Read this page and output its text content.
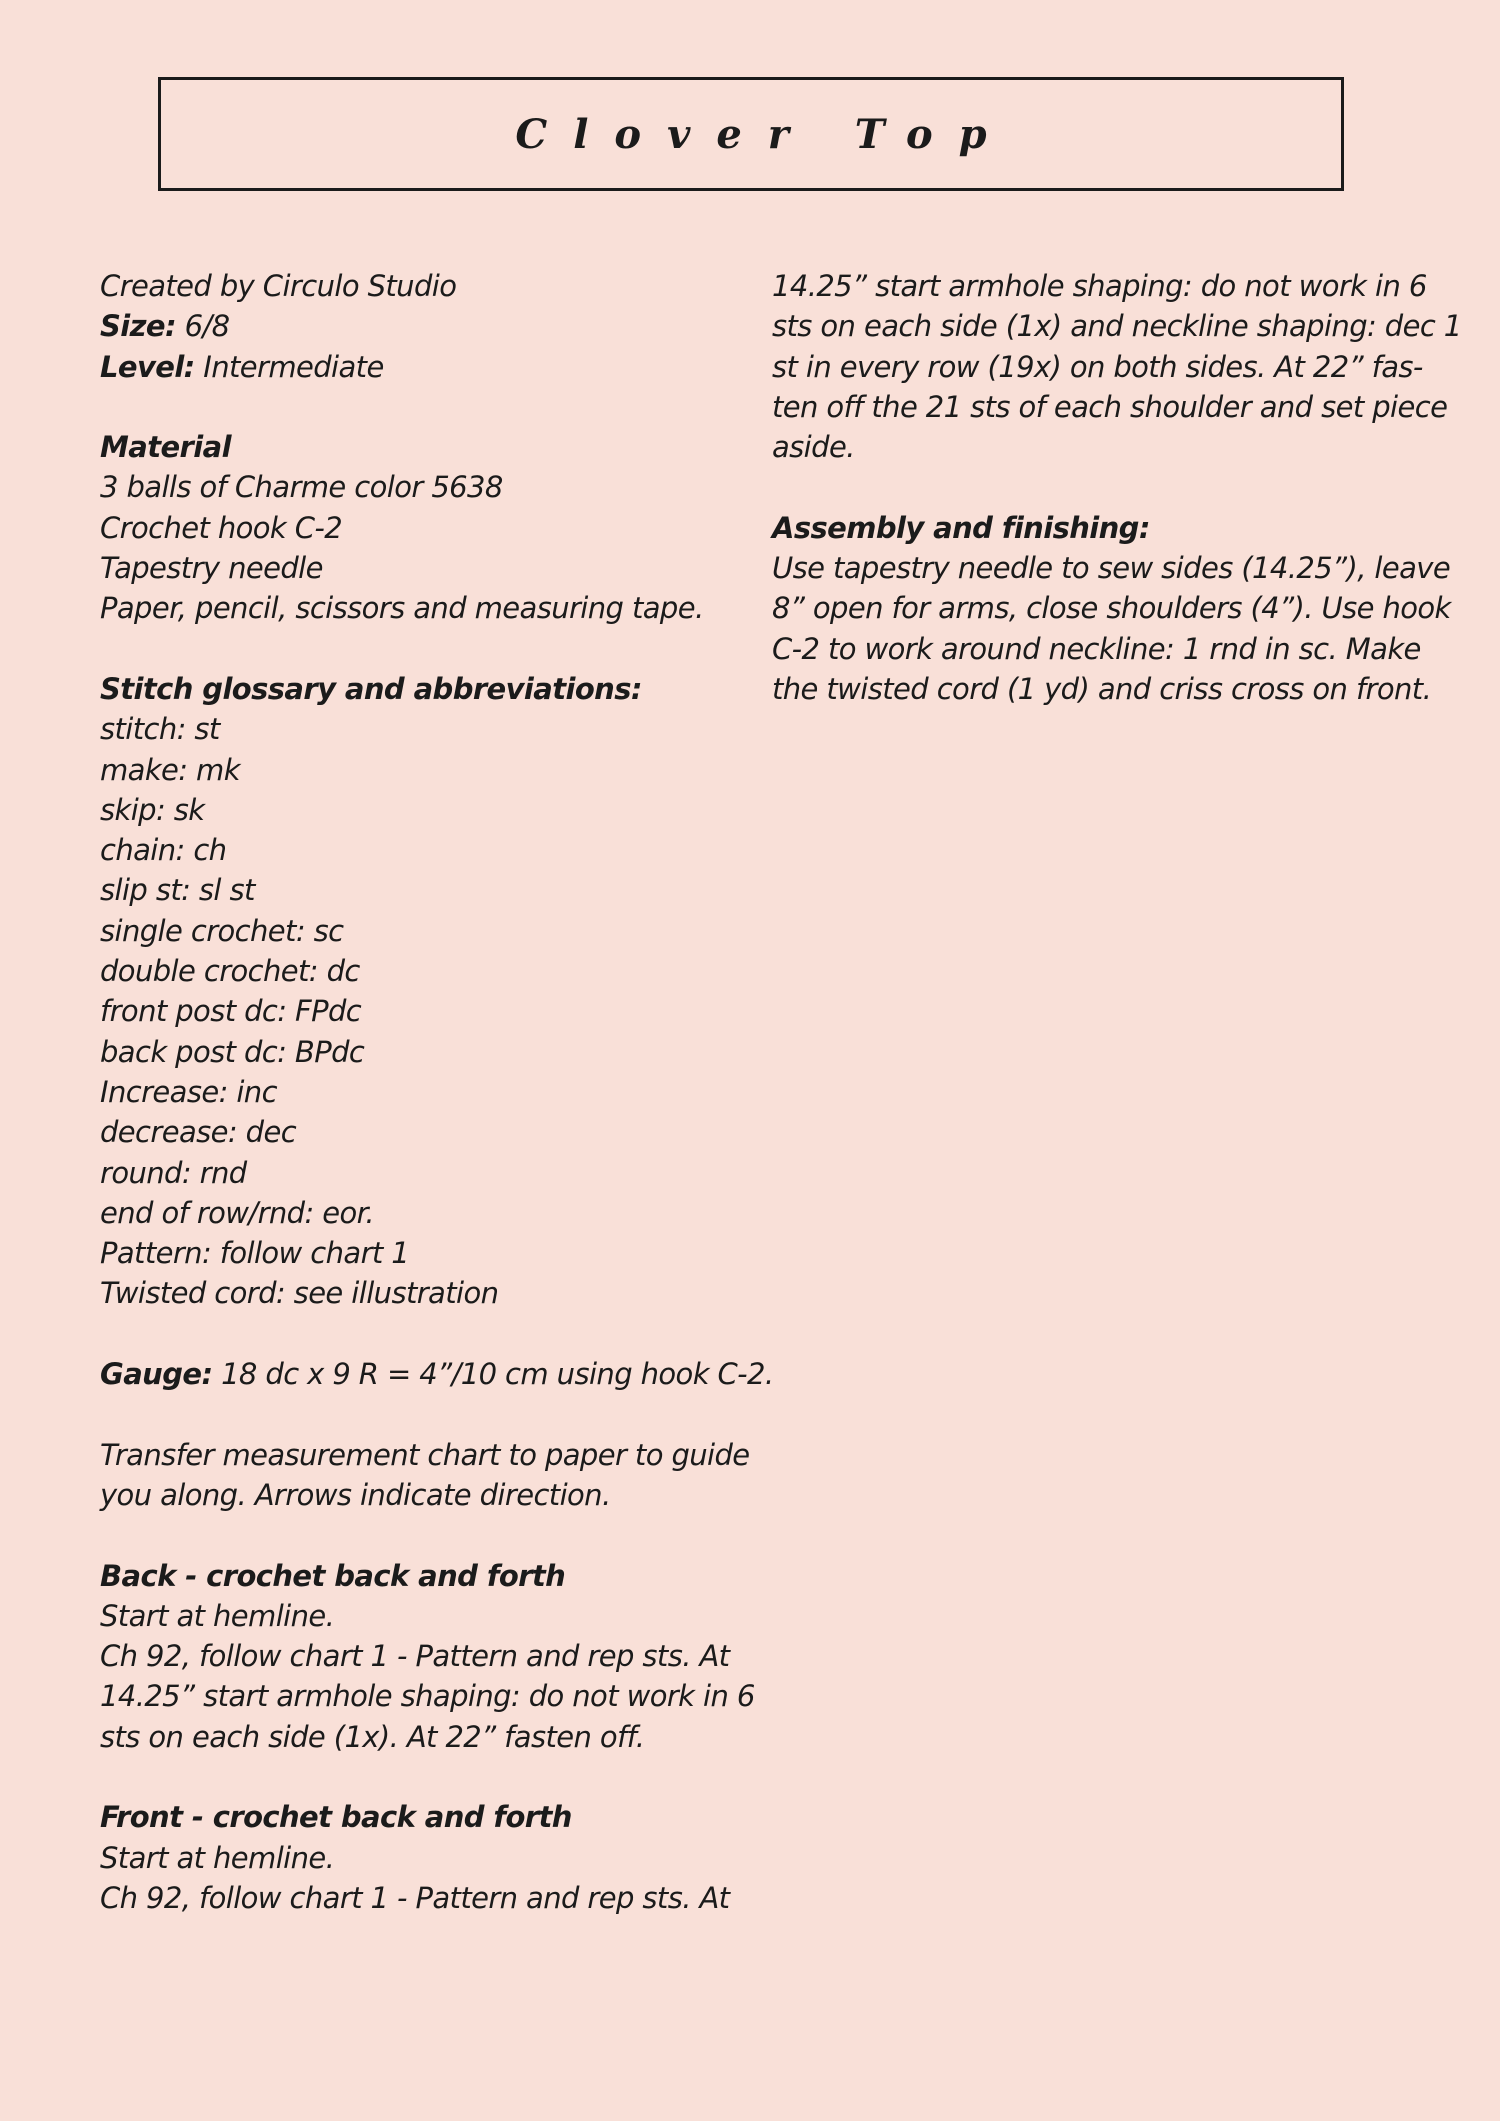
Clover Top
Created by Circulo Studio
Size: 6/8
Level: Intermediate
Material
3 balls of Charme color 5638
Crochet hook C-2
Tapestry needle
Paper, pencil, scissors and measuring tape.
Stitch glossary and abbreviations:
stitch: st
make: mk
skip: sk
chain: ch
slip st: sl st
single crochet: sc
double crochet: dc
front post dc: FPdc
back post dc: BPdc
Increase: inc
decrease: dec
round: rnd
end of row/rnd: eor.
Pattern: follow chart 1
Twisted cord: see illustration
Gauge: 18 dc x 9 R = 4”/10 cm using hook C-2.
Transfer measurement chart to paper to guide
you along. Arrows indicate direction.
Back - crochet back and forth
Start at hemline.
Ch 92, follow chart 1 - Pattern and rep sts. At
14.25” start armhole shaping: do not work in 6
sts on each side (1x). At 22” fasten off.
Front - crochet back and forth
Start at hemline.
Ch 92, follow chart 1 - Pattern and rep sts. At
14.25” start armhole shaping: do not work in 6
sts on each side (1x) and neckline shaping: dec 1
st in every row (19x) on both sides. At 22” fas-
ten off the 21 sts of each shoulder and set piece
aside.
Assembly and finishing:
Use tapestry needle to sew sides (14.25”), leave
8” open for arms, close shoulders (4”). Use hook
C-2 to work around neckline: 1 rnd in sc. Make
the twisted cord (1 yd) and criss cross on front.
